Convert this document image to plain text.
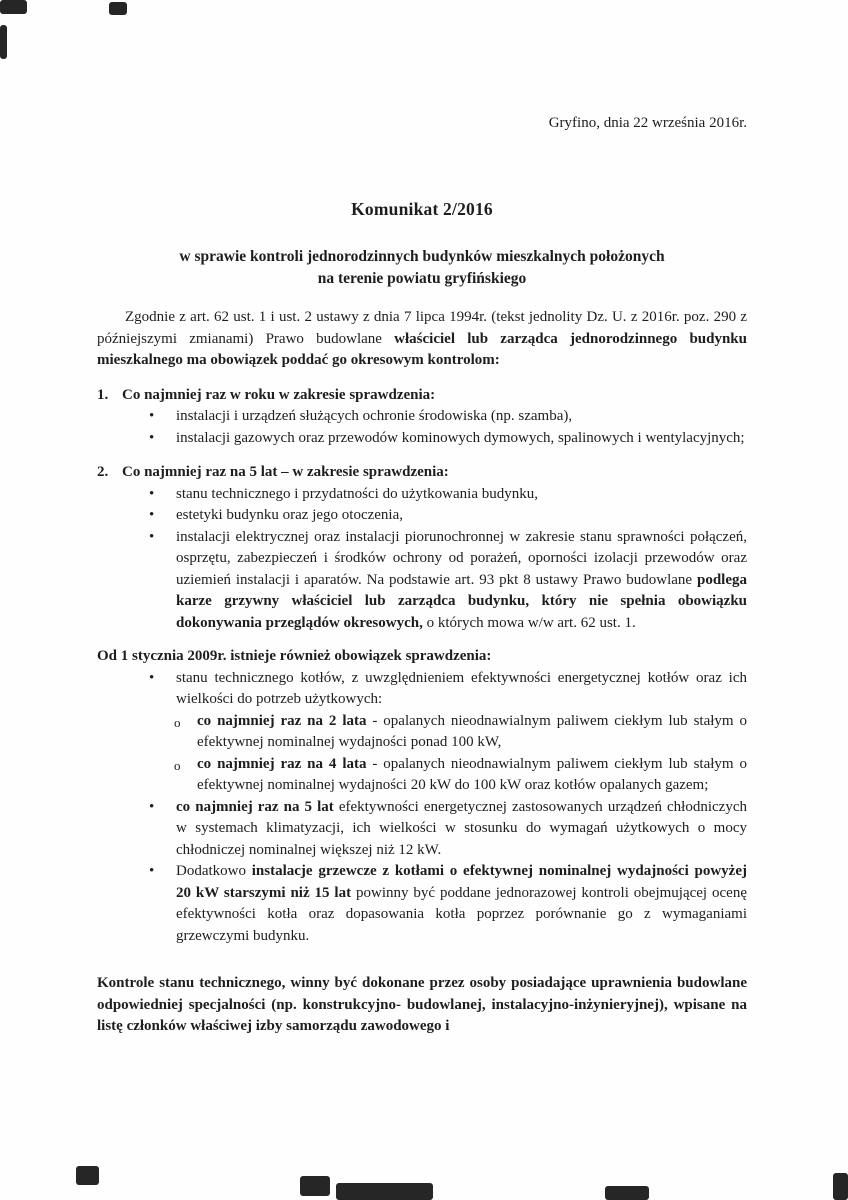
Gryfino, dnia 22 września 2016r.
Komunikat 2/2016
w sprawie kontroli jednorodzinnych budynków mieszkalnych położonych
na terenie powiatu gryfińskiego

Zgodnie z art. 62 ust. 1 i ust. 2 ustawy z dnia 7 lipca 1994r. (tekst jednolity Dz. U. z 2016r. poz. 290 z późniejszymi zmianami) Prawo budowlane właściciel lub zarządca jednorodzinnego budynku mieszkalnego ma obowiązek poddać go okresowym kontrolom:

1. Co najmniej raz w roku w zakresie sprawdzenia:
• instalacji i urządzeń służących ochronie środowiska (np. szamba),
• instalacji gazowych oraz przewodów kominowych dymowych, spalinowych i wentylacyjnych;
2. Co najmniej raz na 5 lat – w zakresie sprawdzenia:
• stanu technicznego i przydatności do użytkowania budynku,
• estetyki budynku oraz jego otoczenia,
• instalacji elektrycznej oraz instalacji piorunochronnej w zakresie stanu sprawności połączeń, osprzętu, zabezpieczeń i środków ochrony od porażeń, oporności izolacji przewodów oraz uziemień instalacji i aparatów. Na podstawie art. 93 pkt 8 ustawy Prawo budowlane podlega karze grzywny właściciel lub zarządca budynku, który nie spełnia obowiązku dokonywania przeglądów okresowych, o których mowa w/w art. 62 ust. 1.
Od 1 stycznia 2009r. istnieje również obowiązek sprawdzenia:
• stanu technicznego kotłów, z uwzględnieniem efektywności energetycznej kotłów oraz ich wielkości do potrzeb użytkowych:
o co najmniej raz na 2 lata - opalanych nieodnawialnym paliwem ciekłym lub stałym o efektywnej nominalnej wydajności ponad 100 kW,
o co najmniej raz na 4 lata - opalanych nieodnawialnym paliwem ciekłym lub stałym o efektywnej nominalnej wydajności 20 kW do 100 kW oraz kotłów opalanych gazem;
• co najmniej raz na 5 lat efektywności energetycznej zastosowanych urządzeń chłodniczych w systemach klimatyzacji, ich wielkości w stosunku do wymagań użytkowych o mocy chłodniczej nominalnej większej niż 12 kW.
• Dodatkowo instalacje grzewcze z kotłami o efektywnej nominalnej wydajności powyżej 20 kW starszymi niż 15 lat powinny być poddane jednorazowej kontroli obejmującej ocenę efektywności kotła oraz dopasowania kotła poprzez porównanie go z wymaganiami grzewczymi budynku.

Kontrole stanu technicznego, winny być dokonane przez osoby posiadające uprawnienia budowlane odpowiedniej specjalności (np. konstrukcyjno- budowlanej, instalacyjno-inżynieryjnej), wpisane na listę członków właściwej izby samorządu zawodowego i
